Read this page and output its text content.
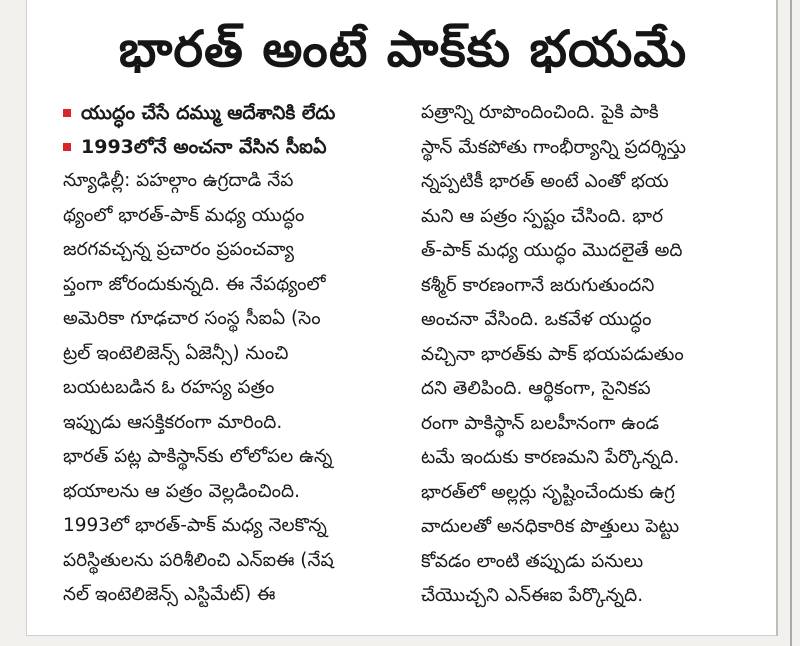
భారత్ అంటే పాక్‌కు భయమే
యుద్ధం చేసే దమ్ము ఆదేశానికి లేదు
1993లోనే అంచనా వేసిన సీఐఏ
న్యూఢిల్లీ: పహల్గాం ఉగ్రదాడి నేప
థ్యంలో భారత్-పాక్ మధ్య యుద్ధం
జరగవచ్చన్న ప్రచారం ప్రపంచవ్యా
ప్తంగా జోరందుకున్నది. ఈ నేపథ్యంలో
అమెరికా గూఢచార సంస్థ సీఐఏ (సెం
ట్రల్ ఇంటెలిజెన్స్ ఏజెన్సీ) నుంచి
బయటబడిన ఓ రహస్య పత్రం
ఇప్పుడు ఆసక్తికరంగా మారింది.
భారత్ పట్ల పాకిస్థాన్‌కు లోలోపల ఉన్న
భయాలను ఆ పత్రం వెల్లడించింది.
1993లో భారత్-పాక్ మధ్య నెలకొన్న
పరిస్థితులను పరిశీలించి ఎన్ఐఈ (నేష
నల్ ఇంటెలిజెన్స్ ఎస్టిమేట్) ఈ
పత్రాన్ని రూపొందించింది. పైకి పాకి
స్థాన్ మేకపోతు గాంభీర్యాన్ని ప్రదర్శిస్తు
న్నప్పటికీ భారత్ అంటే ఎంతో భయ
మని ఆ పత్రం స్పష్టం చేసింది. భార
త్-పాక్ మధ్య యుద్ధం మొదలైతే అది
కశ్మీర్ కారణంగానే జరుగుతుందని
అంచనా వేసింది. ఒకవేళ యుద్ధం
వచ్చినా భారత్‌కు పాక్ భయపడుతుం
దని తెలిపింది. ఆర్థికంగా, సైనికప
రంగా పాకిస్థాన్ బలహీనంగా ఉండ
టమే ఇందుకు కారణమని పేర్కొన్నది.
భారత్‌లో అల్లర్లు సృష్టించేందుకు ఉగ్ర
వాదులతో అనధికారిక పొత్తులు పెట్టు
కోవడం లాంటి తప్పుడు పనులు
చేయొచ్చని ఎన్ఈఐ పేర్కొన్నది.
